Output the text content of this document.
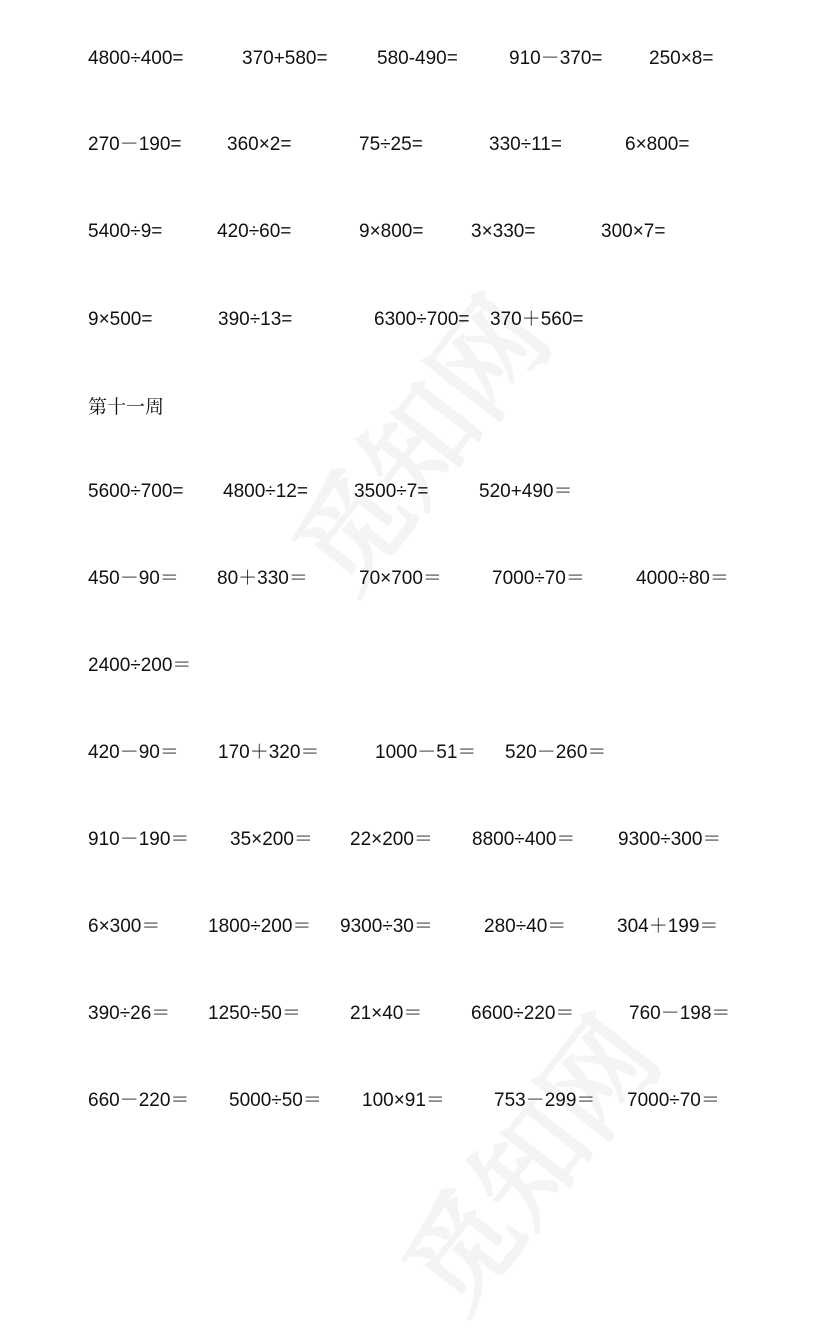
4800÷400=	370+580=	580-490=	910－370= 250×8=
270－190= 360×2=	75÷25=	330÷11=	6×800=
5400÷9=	420÷60=	9×800=	3×330=	300×7=
9×500=	390÷13=	6300÷700= 370＋560=
第十一周
5600÷700= 4800÷12= 3500÷7=	520+490＝
450－90＝ 80＋330＝	70×700＝	7000÷70＝	4000÷80＝
2400÷200＝
420－90＝ 170＋320＝	1000－51＝ 520－260＝
910－190＝ 35×200＝ 22×200＝ 8800÷400＝ 9300÷300＝
6×300＝	1800÷200＝ 9300÷30＝	280÷40＝	304＋199＝
390÷26＝ 1250÷50＝	21×40＝	6600÷220＝	760－198＝
660－220＝ 5000÷50＝ 100×91＝	753－299＝ 7000÷70＝
